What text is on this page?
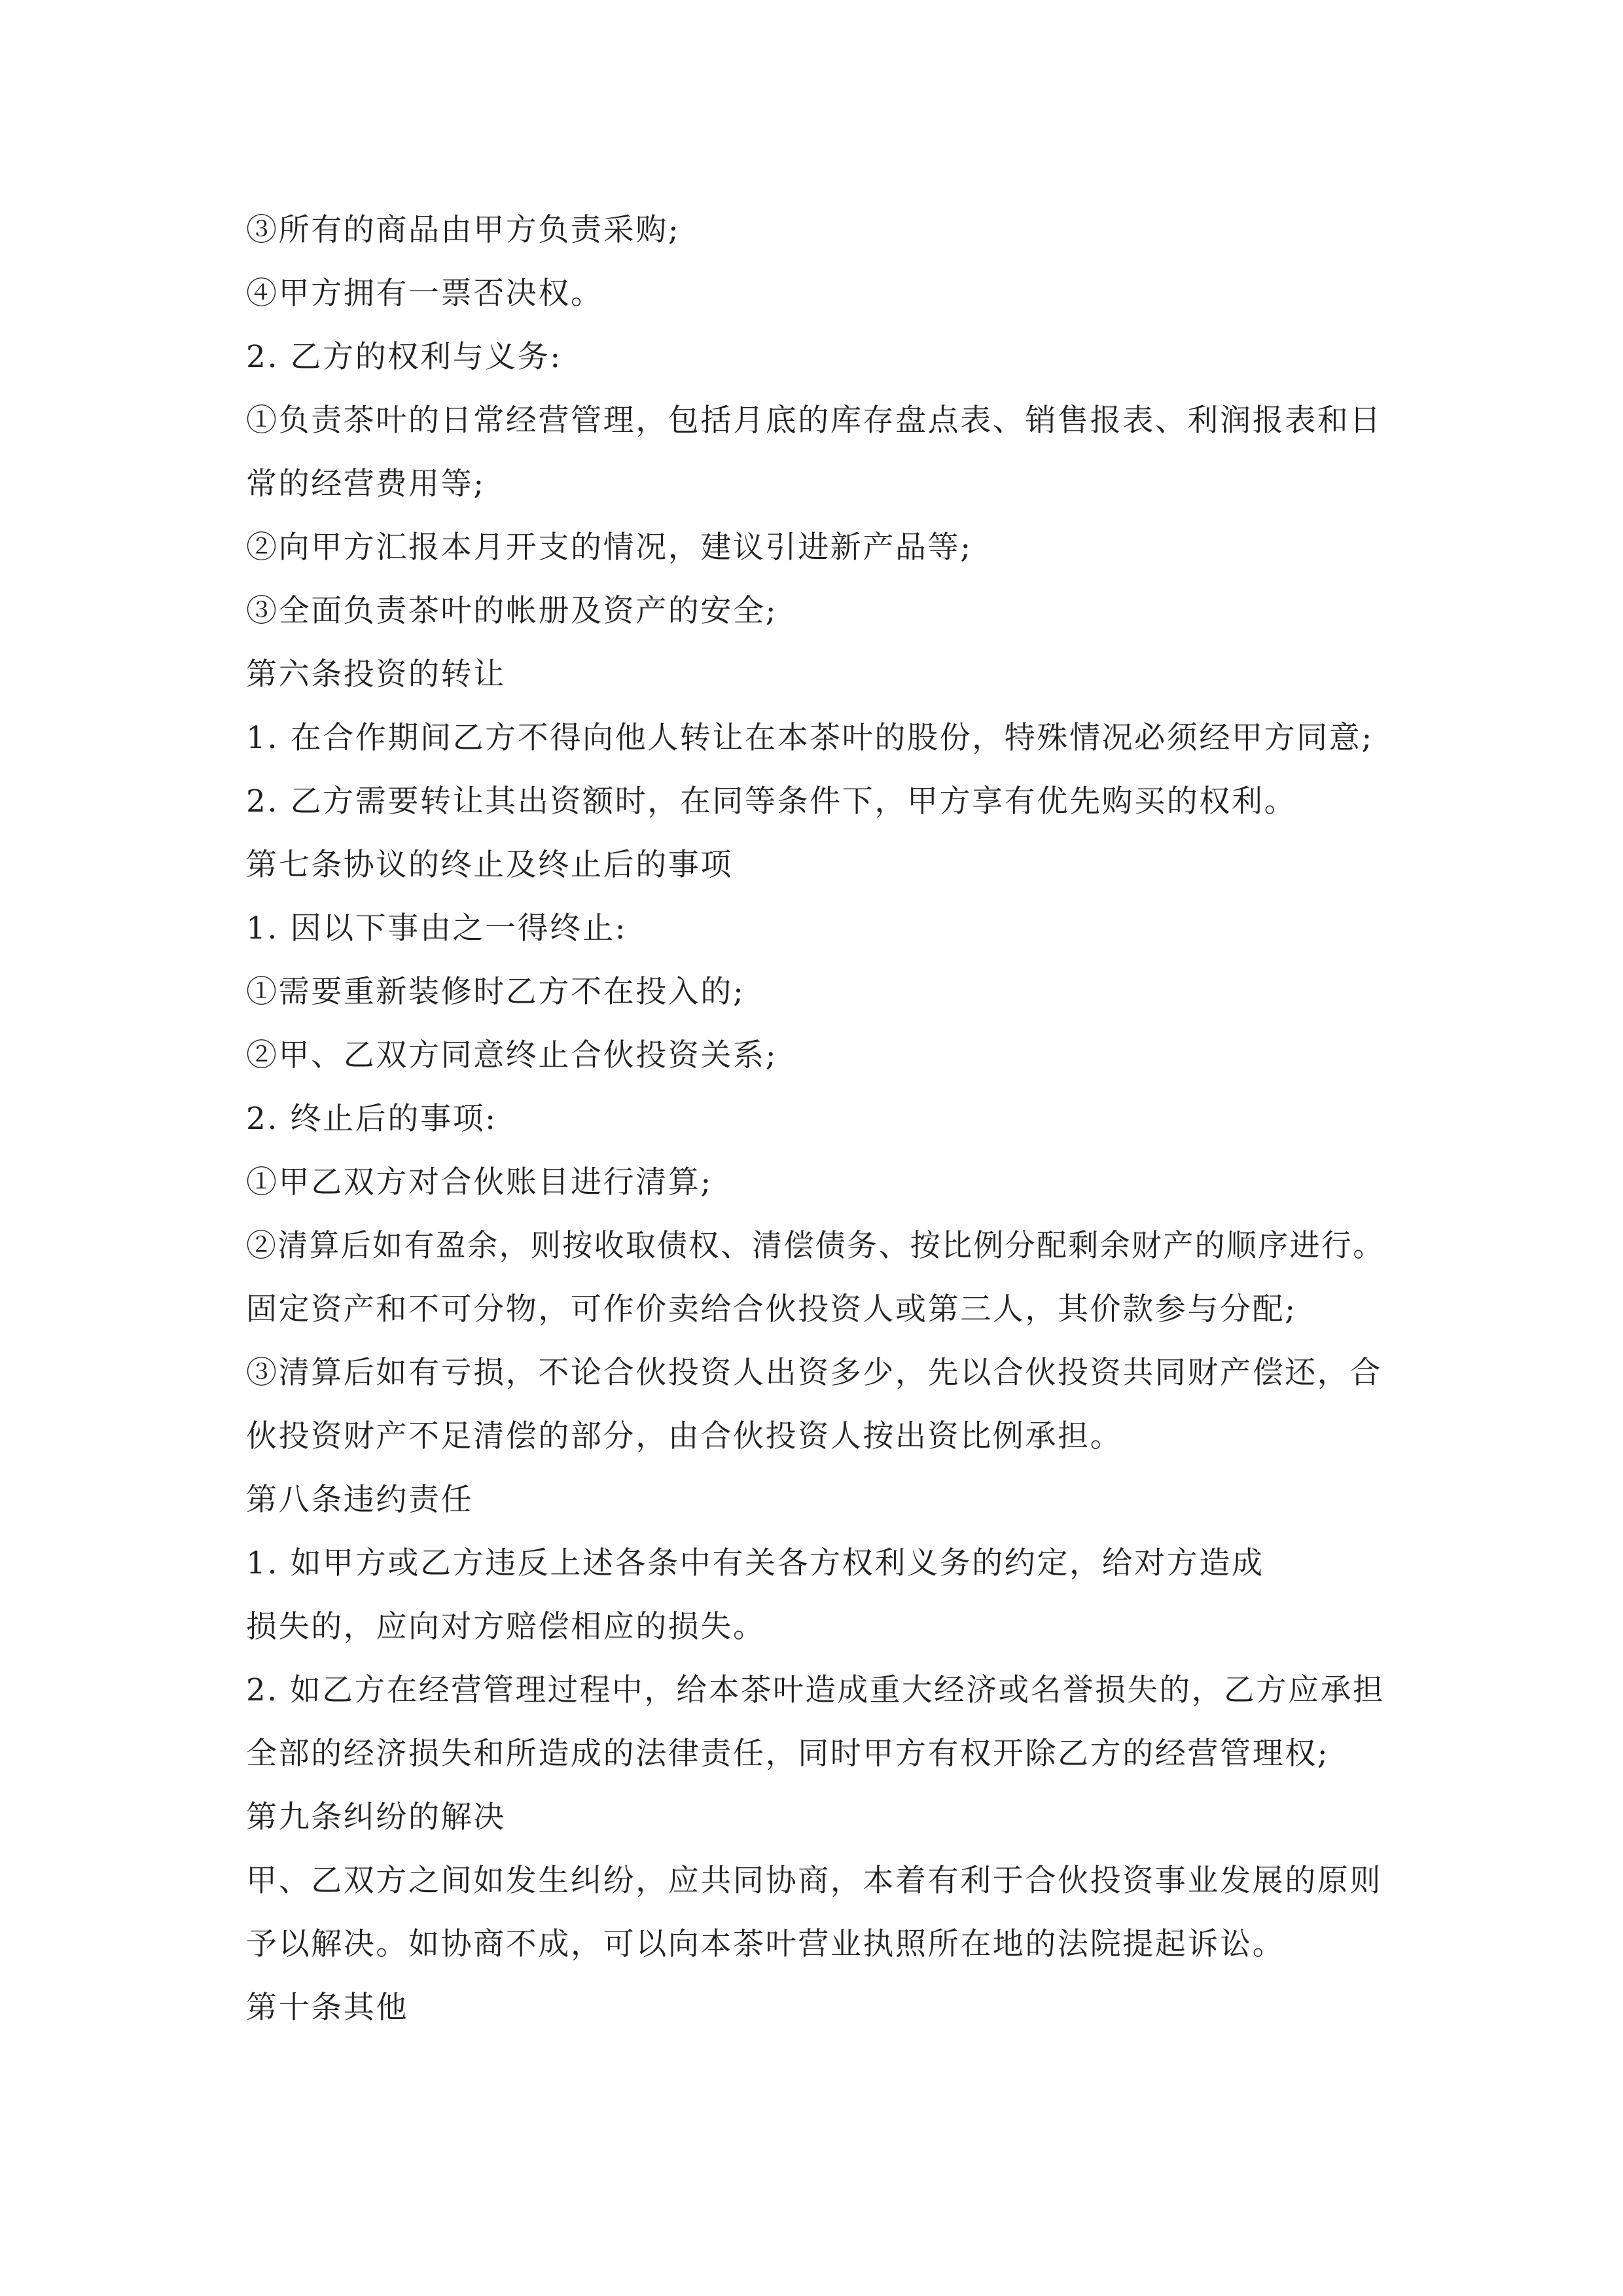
③所有的商品由甲方负责采购;
④甲方拥有一票否决权。
2. 乙方的权利与义务:
①负责茶叶的日常经营管理，包括月底的库存盘点表、销售报表、利润报表和日
常的经营费用等;
②向甲方汇报本月开支的情况，建议引进新产品等;
③全面负责茶叶的帐册及资产的安全;
第六条投资的转让
1. 在合作期间乙方不得向他人转让在本茶叶的股份，特殊情况必须经甲方同意;
2. 乙方需要转让其出资额时，在同等条件下，甲方享有优先购买的权利。
第七条协议的终止及终止后的事项
1. 因以下事由之一得终止:
①需要重新装修时乙方不在投入的;
②甲、乙双方同意终止合伙投资关系;
2. 终止后的事项:
①甲乙双方对合伙账目进行清算;
②清算后如有盈余，则按收取债权、清偿债务、按比例分配剩余财产的顺序进行。
固定资产和不可分物，可作价卖给合伙投资人或第三人，其价款参与分配;
③清算后如有亏损，不论合伙投资人出资多少，先以合伙投资共同财产偿还，合
伙投资财产不足清偿的部分，由合伙投资人按出资比例承担。
第八条违约责任
1. 如甲方或乙方违反上述各条中有关各方权利义务的约定，给对方造成
损失的，应向对方赔偿相应的损失。
2. 如乙方在经营管理过程中，给本茶叶造成重大经济或名誉损失的，乙方应承担
全部的经济损失和所造成的法律责任，同时甲方有权开除乙方的经营管理权;
第九条纠纷的解决
甲、乙双方之间如发生纠纷，应共同协商，本着有利于合伙投资事业发展的原则
予以解决。如协商不成，可以向本茶叶营业执照所在地的法院提起诉讼。
第十条其他
